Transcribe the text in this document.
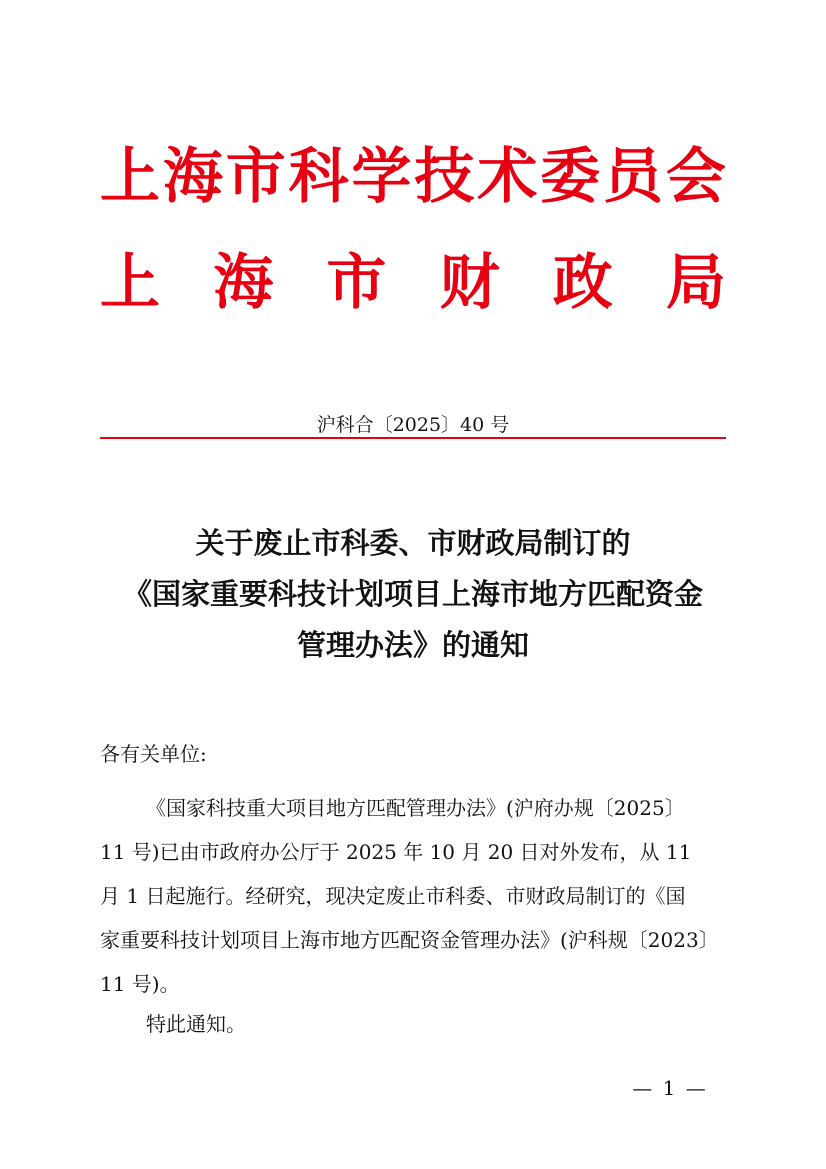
上 海 市 科 学 技 术 委 员 会
上 海 市 财 政 局
沪科合〔2025〕40 号
关于废止市科委、市财政局制订的
《国家重要科技计划项目上海市地方匹配资金
管理办法》的通知
各有关单位:
《国家科技重大项目地方匹配管理办法》(沪府办规〔2025〕
11 号)已由市政府办公厅于 2025 年 10 月 20 日对外发布，从 11
月 1 日起施行。经研究，现决定废止市科委、市财政局制订的《国
家重要科技计划项目上海市地方匹配资金管理办法》(沪科规〔2023〕
11 号)。
特此通知。
— 1 —
